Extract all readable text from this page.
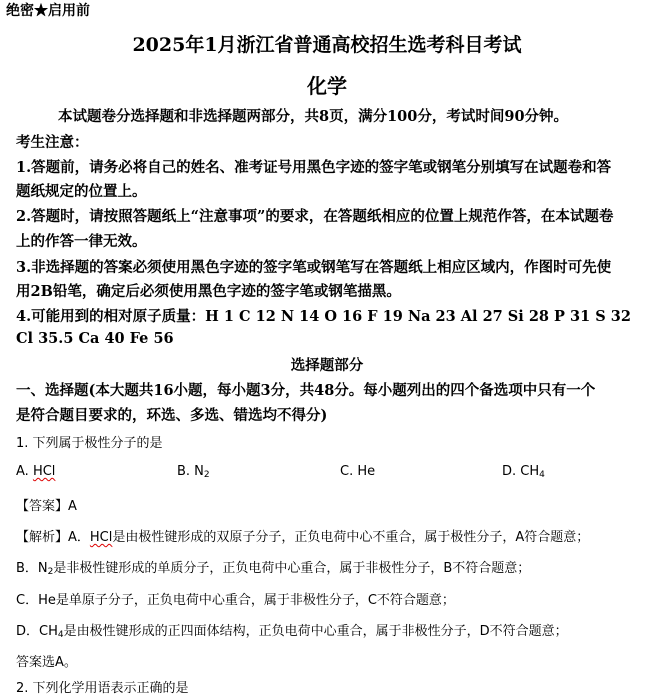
绝密★启用前
2025年1月浙江省普通高校招生选考科目考试
化学
本试题卷分选择题和非选择题两部分，共8页，满分100分，考试时间90分钟。
考生注意：
1.答题前，请务必将自己的姓名、准考证号用黑色字迹的签字笔或钢笔分别填写在试题卷和答
题纸规定的位置上。
2.答题时，请按照答题纸上“注意事项”的要求，在答题纸相应的位置上规范作答，在本试题卷
上的作答一律无效。
3.非选择题的答案必须使用黑色字迹的签字笔或钢笔写在答题纸上相应区域内，作图时可先使
用2B铅笔，确定后必须使用黑色字迹的签字笔或钢笔描黑。
4.可能用到的相对原子质量：H 1 C 12 N 14 O 16 F 19 Na 23 Al 27 Si 28 P 31 S 32
Cl 35.5 Ca 40 Fe 56
选择题部分
一、选择题(本大题共16小题，每小题3分，共48分。每小题列出的四个备选项中只有一个
是符合题目要求的，环选、多选、错选均不得分)
1. 下列属于极性分子的是
A. HCl	B. $N_2$	C. He	D. $CH_4$
【答案】A
【解析】A．HCl是由极性键形成的双原子分子，正负电荷中心不重合，属于极性分子，A符合题意；
B．$N_2$是非极性键形成的单质分子，正负电荷中心重合，属于非极性分子，B不符合题意；
C．He是单原子分子，正负电荷中心重合，属于非极性分子，C不符合题意；
D．$CH_4$是由极性键形成的正四面体结构，正负电荷中心重合，属于非极性分子，D不符合题意；
答案选A。
2. 下列化学用语表示正确的是
